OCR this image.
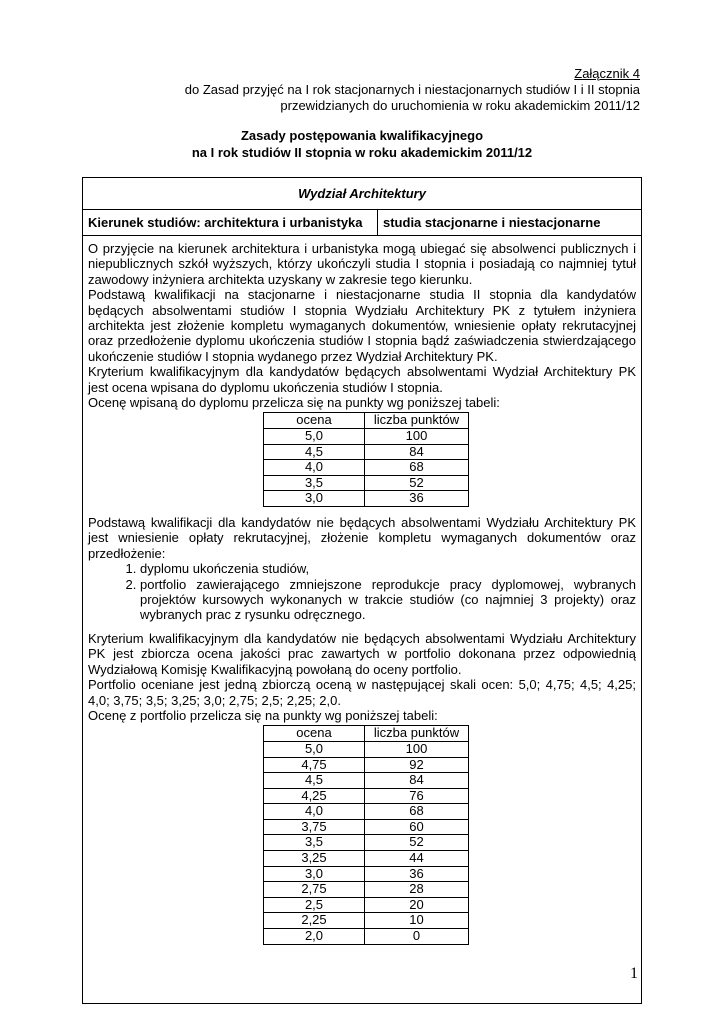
Załącznik 4
do Zasad przyjęć na I rok stacjonarnych i niestacjonarnych studiów I i II stopnia
przewidzianych do uruchomienia w roku akademickim 2011/12
Zasady postępowania kwalifikacyjnego
na I rok studiów II stopnia w roku akademickim 2011/12
Wydział Architektury
Kierunek studiów: architektura i urbanistyka	studia stacjonarne i niestacjonarne

O przyjęcie na kierunek architektura i urbanistyka mogą ubiegać się absolwenci publicznych i niepublicznych szkół wyższych, którzy ukończyli studia I stopnia i posiadają co najmniej tytuł zawodowy inżyniera architekta uzyskany w zakresie tego kierunku.

Podstawą kwalifikacji na stacjonarne i niestacjonarne studia II stopnia dla kandydatów będących absolwentami studiów I stopnia Wydziału Architektury PK z tytułem inżyniera architekta jest złożenie kompletu wymaganych dokumentów, wniesienie opłaty rekrutacyjnej oraz przedłożenie dyplomu ukończenia studiów I stopnia bądź zaświadczenia stwierdzającego ukończenie studiów I stopnia wydanego przez Wydział Architektury PK.

Kryterium kwalifikacyjnym dla kandydatów będących absolwentami Wydział Architektury PK jest ocena wpisana do dyplomu ukończenia studiów I stopnia.

Ocenę wpisaną do dyplomu przelicza się na punkty wg poniższej tabeli:

ocena	liczba punktów
5,0	100
4,5	84
4,0	68
3,5	52
3,0	36

Podstawą kwalifikacji dla kandydatów nie będących absolwentami Wydziału Architektury PK jest wniesienie opłaty rekrutacyjnej, złożenie kompletu wymaganych dokumentów oraz przedłożenie:

1. dyplomu ukończenia studiów,
2. portfolio zawierającego zmniejszone reprodukcje pracy dyplomowej, wybranych projektów kursowych wykonanych w trakcie studiów (co najmniej 3 projekty) oraz wybranych prac z rysunku odręcznego.

Kryterium kwalifikacyjnym dla kandydatów nie będących absolwentami Wydziału Architektury PK jest zbiorcza ocena jakości prac zawartych w portfolio dokonana przez odpowiednią Wydziałową Komisję Kwalifikacyjną powołaną do oceny portfolio.

Portfolio oceniane jest jedną zbiorczą oceną w następującej skali ocen: 5,0; 4,75; 4,5; 4,25; 4,0; 3,75; 3,5; 3,25; 3,0; 2,75; 2,5; 2,25; 2,0.

Ocenę z portfolio przelicza się na punkty wg poniższej tabeli:

ocena	liczba punktów
5,0	100
4,75	92
4,5	84
4,25	76
4,0	68
3,75	60
3,5	52
3,25	44
3,0	36
2,75	28
2,5	20
2,25	10
2,0	0
1
